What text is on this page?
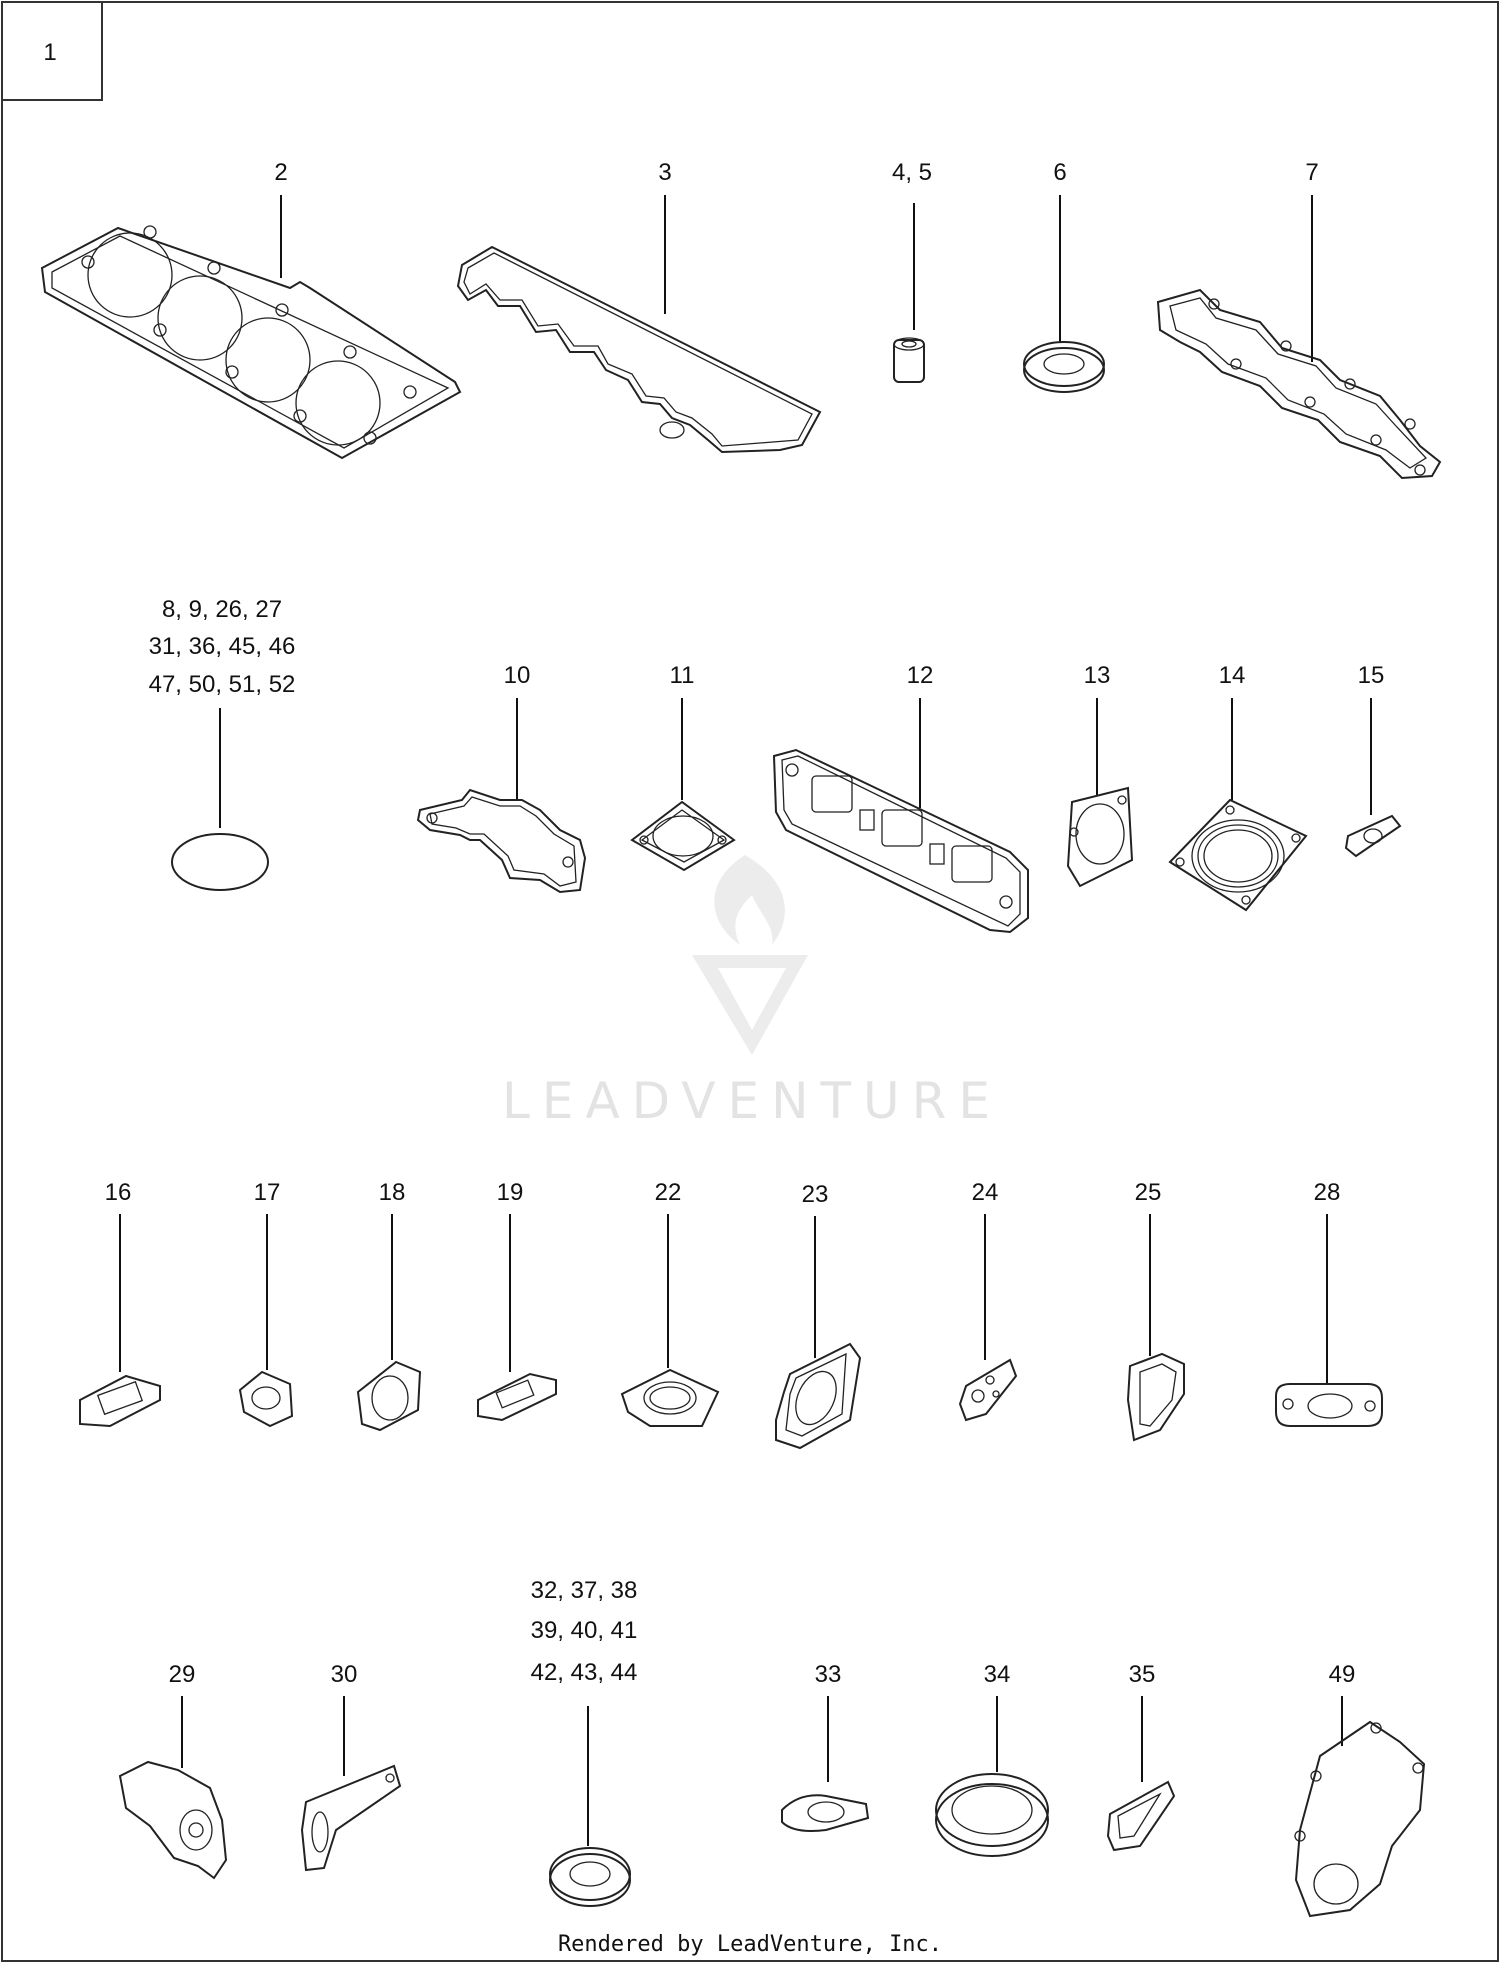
1
LEADVENTURE
2	3	4, 5	6	7
8, 9, 26, 27
31, 36, 45, 46
47, 50, 51, 52	10	11	12	13	14	15
16	17	18	19	22	23	24	25	28
29	30
32, 37, 38
39, 40, 41
42, 43, 44	33	34	35	49
Rendered by LeadVenture, Inc.
